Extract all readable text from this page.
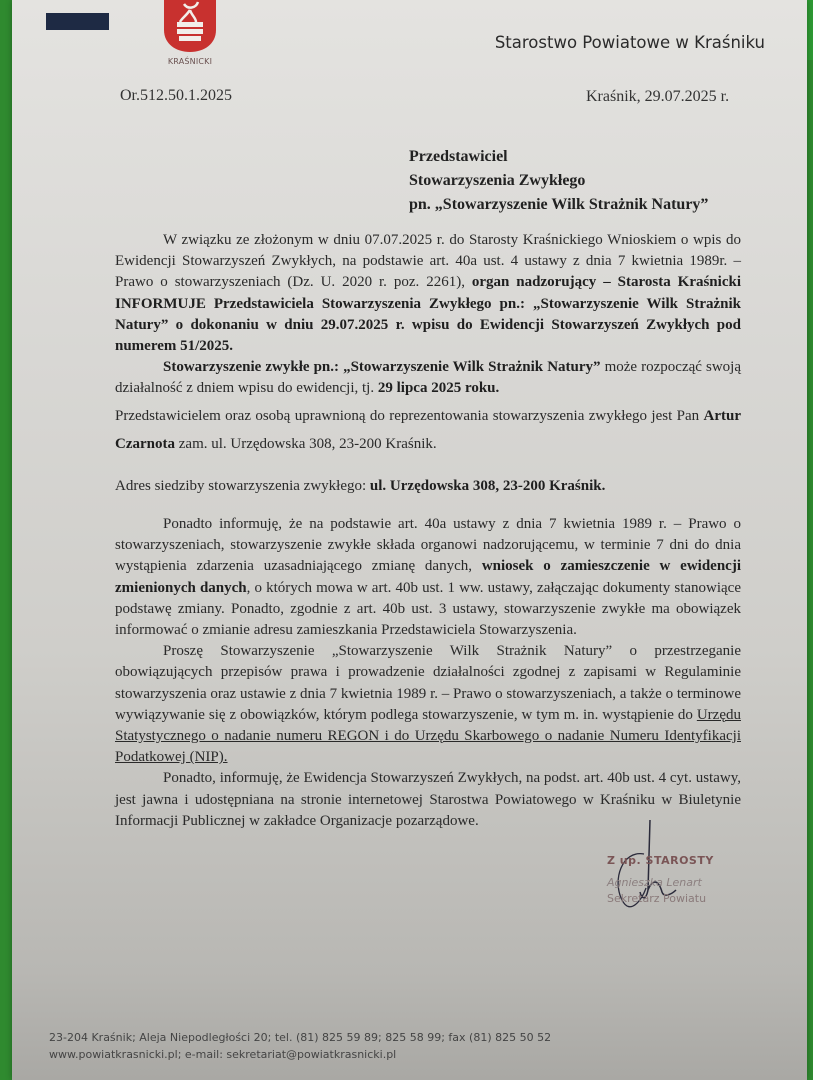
KRAŚNICKI
Starostwo Powiatowe w Kraśniku
Or.512.50.1.2025	Kraśnik, 29.07.2025 r.
Przedstawiciel
Stowarzyszenia Zwykłego
pn. „Stowarzyszenie Wilk Strażnik Natury”

W związku ze złożonym w dniu 07.07.2025 r. do Starosty Kraśnickiego Wnioskiem o wpis do Ewidencji Stowarzyszeń Zwykłych, na podstawie art. 40a ust. 4 ustawy z dnia 7 kwietnia 1989r. – Prawo o stowarzyszeniach (Dz. U. 2020 r. poz. 2261), organ nadzorujący – Starosta Kraśnicki INFORMUJE Przedstawiciela Stowarzyszenia Zwykłego pn.: „Stowarzyszenie Wilk Strażnik Natury” o dokonaniu w dniu 29.07.2025 r. wpisu do Ewidencji Stowarzyszeń Zwykłych pod numerem 51/2025.

Stowarzyszenie zwykłe pn.: „Stowarzyszenie Wilk Strażnik Natury” może rozpocząć swoją działalność z dniem wpisu do ewidencji, tj. 29 lipca 2025 roku.

Przedstawicielem oraz osobą uprawnioną do reprezentowania stowarzyszenia zwykłego jest Pan Artur Czarnota zam. ul. Urzędowska 308, 23-200 Kraśnik.

Adres siedziby stowarzyszenia zwykłego: ul. Urzędowska 308, 23-200 Kraśnik.

Ponadto informuję, że na podstawie art. 40a ustawy z dnia 7 kwietnia 1989 r. – Prawo o stowarzyszeniach, stowarzyszenie zwykłe składa organowi nadzorującemu, w terminie 7 dni do dnia wystąpienia zdarzenia uzasadniającego zmianę danych, wniosek o zamieszczenie w ewidencji zmienionych danych, o których mowa w art. 40b ust. 1 ww. ustawy, załączając dokumenty stanowiące podstawę zmiany. Ponadto, zgodnie z art. 40b ust. 3 ustawy, stowarzyszenie zwykłe ma obowiązek informować o zmianie adresu zamieszkania Przedstawiciela Stowarzyszenia.

Proszę Stowarzyszenie „Stowarzyszenie Wilk Strażnik Natury” o przestrzeganie obowiązujących przepisów prawa i prowadzenie działalności zgodnej z zapisami w Regulaminie stowarzyszenia oraz ustawie z dnia 7 kwietnia 1989 r. – Prawo o stowarzyszeniach, a także o terminowe wywiązywanie się z obowiązków, którym podlega stowarzyszenie, w tym m. in. wystąpienie do Urzędu Statystycznego o nadanie numeru REGON i do Urzędu Skarbowego o nadanie Numeru Identyfikacji Podatkowej (NIP).

Ponadto, informuję, że Ewidencja Stowarzyszeń Zwykłych, na podst. art. 40b ust. 4 cyt. ustawy, jest jawna i udostępniana na stronie internetowej Starostwa Powiatowego w Kraśniku w Biuletynie Informacji Publicznej w zakładce Organizacje pozarządowe.

Z up. STAROSTY
Agnieszka Lenart
Sekretarz Powiatu
23-204 Kraśnik; Aleja Niepodległości 20; tel. (81) 825 59 89; 825 58 99; fax (81) 825 50 52
www.powiatkrasnicki.pl; e-mail: sekretariat@powiatkrasnicki.pl
